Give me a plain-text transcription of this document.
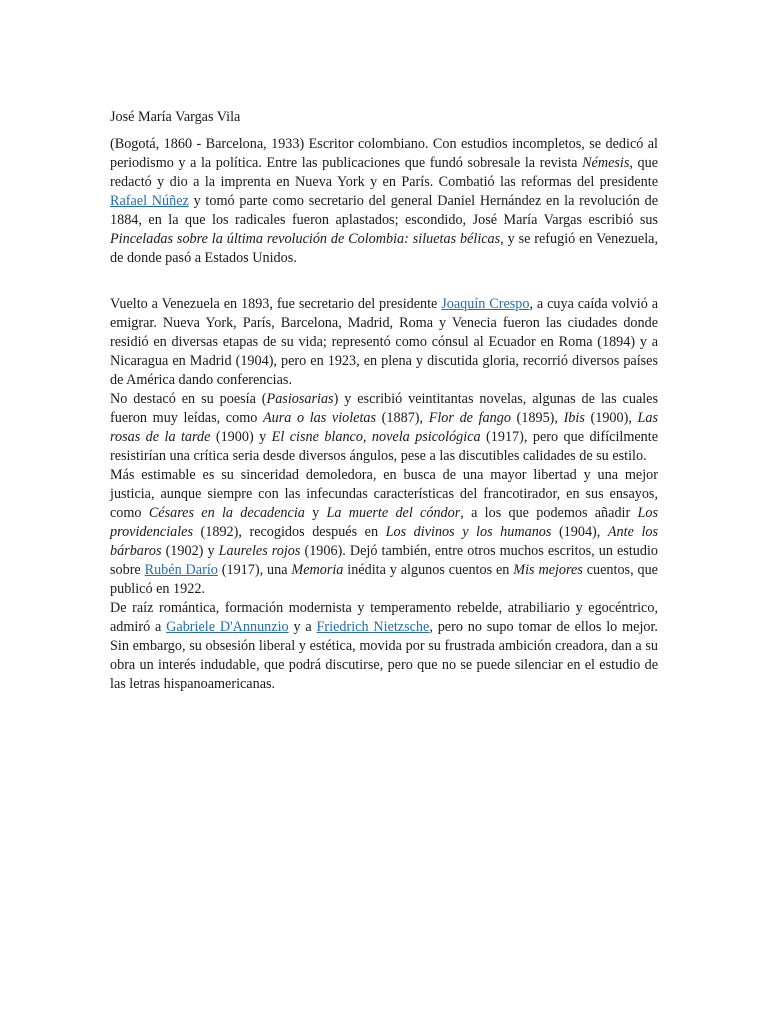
José María Vargas Vila

(Bogotá, 1860 - Barcelona, 1933) Escritor colombiano. Con estudios incompletos, se dedicó al periodismo y a la política. Entre las publicaciones que fundó sobresale la revista Némesis, que redactó y dio a la imprenta en Nueva York y en París. Combatió las reformas del presidente Rafael Núñez y tomó parte como secretario del general Daniel Hernández en la revolución de 1884, en la que los radicales fueron aplastados; escondido, José María Vargas escribió sus Pinceladas sobre la última revolución de Colombia: siluetas bélicas, y se refugió en Venezuela, de donde pasó a Estados Unidos.

Vuelto a Venezuela en 1893, fue secretario del presidente Joaquín Crespo, a cuya caída volvió a emigrar. Nueva York, París, Barcelona, Madrid, Roma y Venecia fueron las ciudades donde residió en diversas etapas de su vida; representó como cónsul al Ecuador en Roma (1894) y a Nicaragua en Madrid (1904), pero en 1923, en plena y discutida gloria, recorrió diversos países de América dando conferencias.

No destacó en su poesía (Pasiosarias) y escribió veintitantas novelas, algunas de las cuales fueron muy leídas, como Aura o las violetas (1887), Flor de fango (1895), Ibis (1900), Las rosas de la tarde (1900) y El cisne blanco, novela psicológica (1917), pero que difícilmente resistirían una crítica seria desde diversos ángulos, pese a las discutibles calidades de su estilo.

Más estimable es su sinceridad demoledora, en busca de una mayor libertad y una mejor justicia, aunque siempre con las infecundas características del francotirador, en sus ensayos, como Césares en la decadencia y La muerte del cóndor, a los que podemos añadir Los providenciales (1892), recogidos después en Los divinos y los humanos (1904), Ante los bárbaros (1902) y Laureles rojos (1906). Dejó también, entre otros muchos escritos, un estudio sobre Rubén Darío (1917), una Memoria inédita y algunos cuentos en Mis mejores cuentos, que publicó en 1922.

De raíz romántica, formación modernista y temperamento rebelde, atrabiliario y egocéntrico, admiró a Gabriele D'Annunzio y a Friedrich Nietzsche, pero no supo tomar de ellos lo mejor. Sin embargo, su obsesión liberal y estética, movida por su frustrada ambición creadora, dan a su obra un interés indudable, que podrá discutirse, pero que no se puede silenciar en el estudio de las letras hispanoamericanas.
